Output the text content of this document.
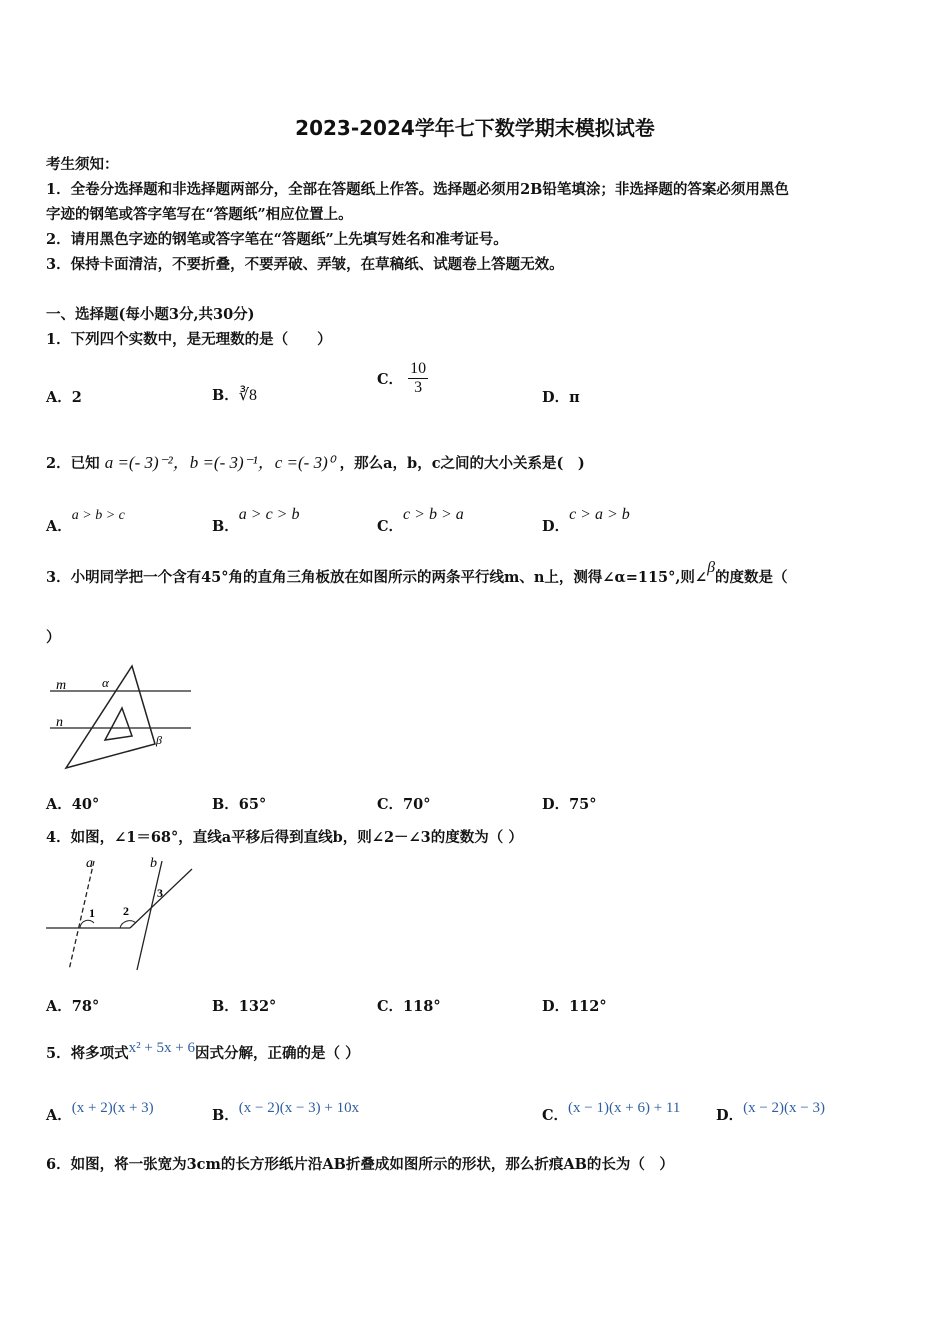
2023-2024学年七下数学期末模拟试卷
考生须知：
1．全卷分选择题和非选择题两部分，全部在答题纸上作答。选择题必须用2B铅笔填涂；非选择题的答案必须用黑色
字迹的钢笔或答字笔写在“答题纸”相应位置上。
2．请用黑色字迹的钢笔或答字笔在“答题纸”上先填写姓名和准考证号。
3．保持卡面清洁，不要折叠，不要弄破、弄皱，在草稿纸、试题卷上答题无效。
一、选择题(每小题3分,共30分)
1．下列四个实数中，是无理数的是（　　）
A．2	B．∛8
C． $\frac{10}{3}$
D．π
2．已知 a =(- 3)⁻²，b =(- 3)⁻¹，c =(- 3)⁰ ，那么a，b，c之间的大小关系是(　)
A．a > b > c
B．a > c > b
C．c > b > a
D．c > a > b
3．小明同学把一个含有45°角的直角三角板放在如图所示的两条平行线m、n上，测得∠α=115°,则∠β的度数是（
）
m
n
α
β
A．40°	B．65°	C．70°	D．75°
4．如图，∠1＝68°，直线a平移后得到直线b，则∠2－∠3的度数为（ ）
a	b
1 2
3
A．78°	B．132°	C．118°	D．112°
5．将多项式x² + 5x + 6因式分解，正确的是（ ）
A．(x + 2)(x + 3)	B．(x − 2)(x − 3) + 10x	C．(x − 1)(x + 6) + 11 D．(x − 2)(x − 3)
6．如图，将一张宽为3cm的长方形纸片沿AB折叠成如图所示的形状，那么折痕AB的长为（　）
